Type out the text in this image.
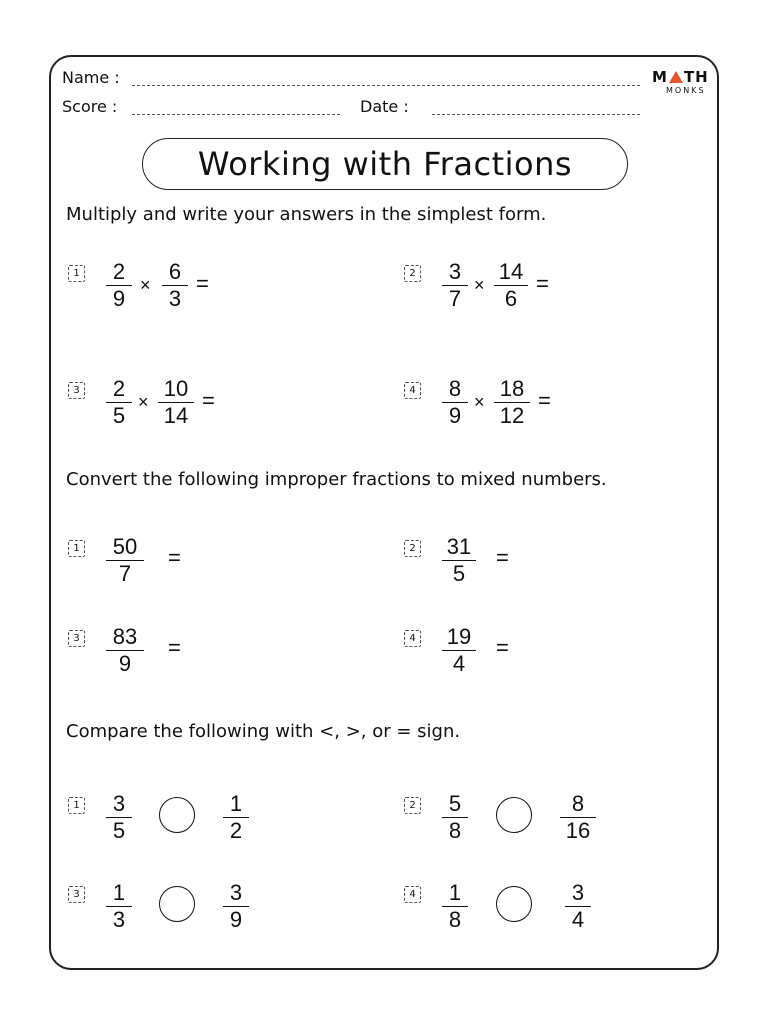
Name :
Score :	Date :
M TH
MONKS
Working with Fractions
Multiply and write your answers in the simplest form.
1 2
9
×
6
3
=	2 3
7
×
14
6
=
3 2
5
×
10
14
=	4 8
9
×
18
12
=
Convert the following improper fractions to mixed numbers.
1 50
7
=	2 31
5
=
3 83
9
=	4 19
4
=
Compare the following with <, >, or = sign.
1 3
5
1
2
2 5
8
8
16
3 1
3
3
9
4 1
8
3
4
